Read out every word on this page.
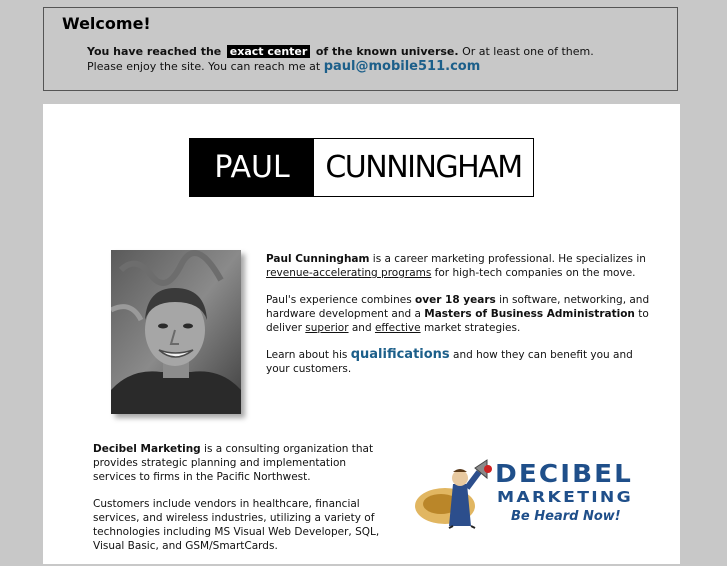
Welcome!
You have reached the exact center of the known universe. Or at least one of them.
Please enjoy the site. You can reach me at paul@mobile511.com
PAUL	CUNNINGHAM

Paul Cunningham is a career marketing professional. He specializes in revenue-accelerating programs for high-tech companies on the move.

Paul's experience combines over 18 years in software, networking, and hardware development and a Masters of Business Administration to deliver superior and effective market strategies.

Learn about his qualifications and how they can benefit you and your customers.

Decibel Marketing is a consulting organization that provides strategic planning and implementation services to firms in the Pacific Northwest.

Customers include vendors in healthcare, financial services, and wireless industries, utilizing a variety of technologies including MS Visual Web Developer, SQL, Visual Basic, and GSM/SmartCards.

DECIBEL
MARKETING
Be Heard Now!
